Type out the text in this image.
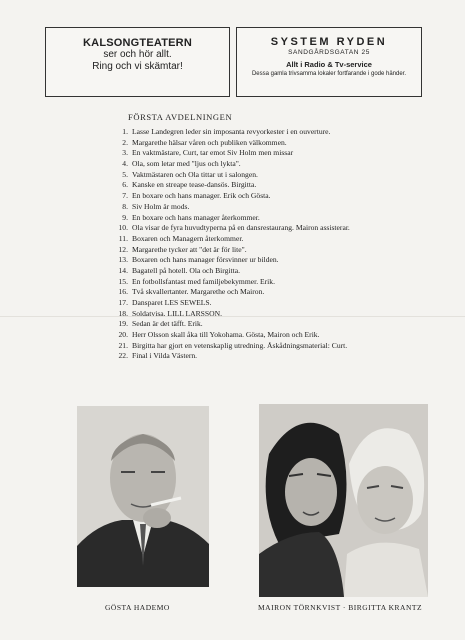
KALSONGTEATERN
ser och hör allt.
Ring och vi skämtar!
SYSTEM RYDEN
SANDGÅRDSGATAN 25
Allt i Radio & Tv-service
Dessa gamla trivsamma lokaler fortfarande i gode händer.
FÖRSTA AVDELNINGEN
1. Lasse Landegren leder sin imposanta revyorkester i en ouverture.
2. Margarethe hälsar våren och publiken välkommen.
3. En vaktmästare, Curt, tar emot Siv Holm men missar
4. Ola, som letar med "ljus och lykta".
5. Vaktmästaren och Ola tittar ut i salongen.
6. Kanske en streape tease-dansös. Birgitta.
7. En boxare och hans manager. Erik och Gösta.
8. Siv Holm är mods.
9. En boxare och hans manager återkommer.
10. Ola visar de fyra huvudtyperna på en dansrestaurang. Mairon assisterar.
11. Boxaren och Managern återkommer.
12. Margarethe tycker att "det är för lite".
13. Boxaren och hans manager försvinner ur bilden.
14. Bagatell på hotell. Ola och Birgitta.
15. En fotbollsfantast med familjebekymmer. Erik.
16. Två skvallertanter. Margarethe och Mairon.
17. Dansparet LES SEWELS.
18. Soldatvisa. LILL LARSSON.
19. Sedan är det täfft. Erik.
20. Herr Olsson skall åka till Yokohama. Gösta, Mairon och Erik.
21. Birgitta har gjort en vetenskaplig utredning. Åskådningsmaterial: Curt.
22. Final i Vilda Västern.
GÖSTA HADEMO	MAIRON TÖRNKVIST · BIRGITTA KRANTZ
